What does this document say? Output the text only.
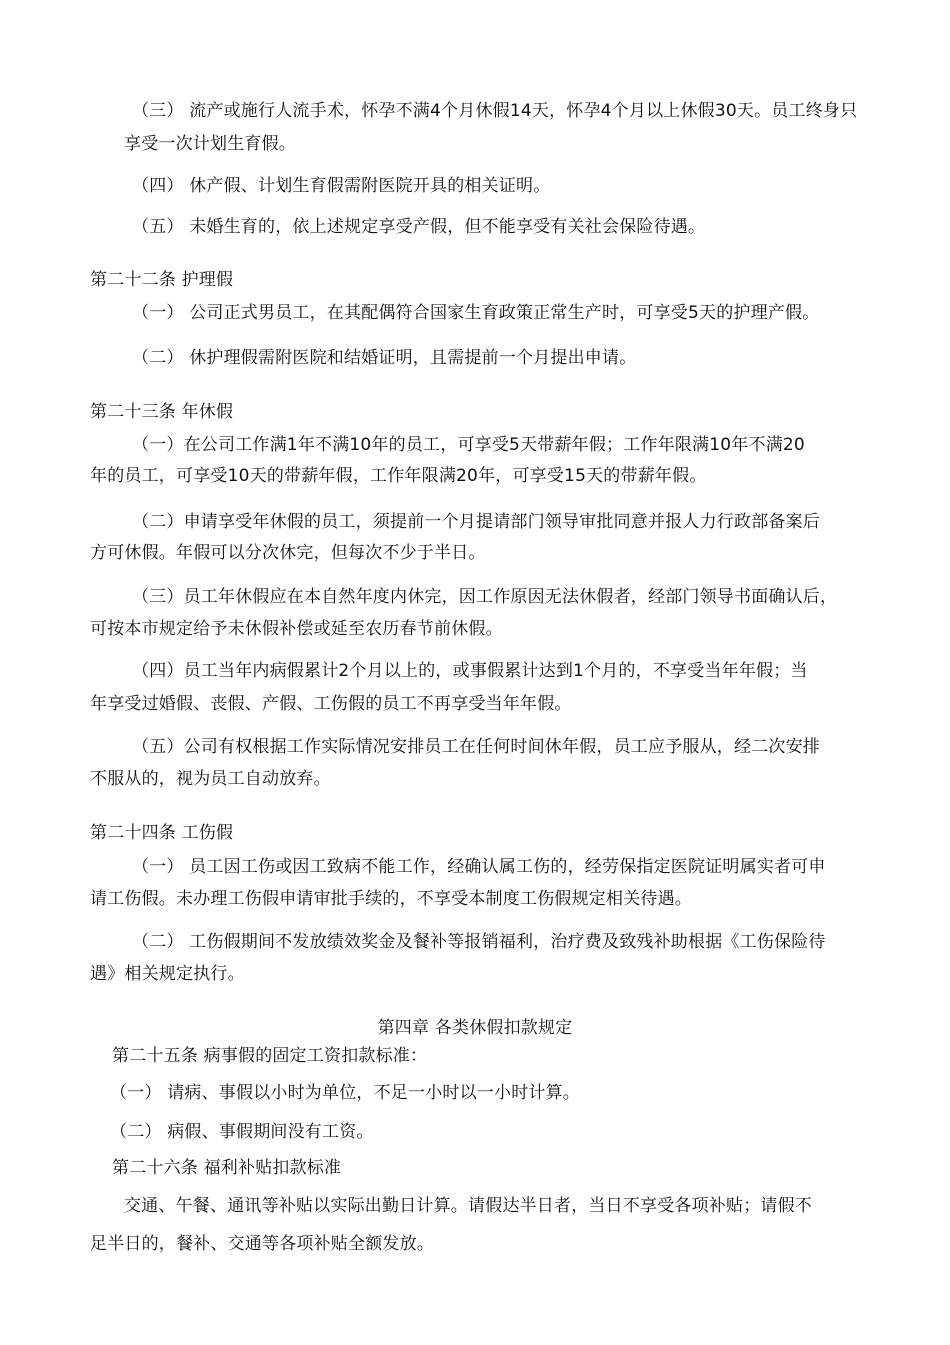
（三） 流产或施行人流手术，怀孕不满4个月休假14天，怀孕4个月以上休假30天。员工终身只
享受一次计划生育假。
（四） 休产假、计划生育假需附医院开具的相关证明。
（五） 未婚生育的，依上述规定享受产假，但不能享受有关社会保险待遇。
第二十二条 护理假
（一） 公司正式男员工，在其配偶符合国家生育政策正常生产时，可享受5天的护理产假。
（二） 休护理假需附医院和结婚证明，且需提前一个月提出申请。
第二十三条 年休假
（一）在公司工作满1年不满10年的员工，可享受5天带薪年假；工作年限满10年不满20
年的员工，可享受10天的带薪年假，工作年限满20年，可享受15天的带薪年假。
（二）申请享受年休假的员工，须提前一个月提请部门领导审批同意并报人力行政部备案后
方可休假。年假可以分次休完，但每次不少于半日。
（三）员工年休假应在本自然年度内休完，因工作原因无法休假者，经部门领导书面确认后，
可按本市规定给予未休假补偿或延至农历春节前休假。
（四）员工当年内病假累计2个月以上的，或事假累计达到1个月的，不享受当年年假；当
年享受过婚假、丧假、产假、工伤假的员工不再享受当年年假。
（五）公司有权根据工作实际情况安排员工在任何时间休年假，员工应予服从，经二次安排
不服从的，视为员工自动放弃。
第二十四条 工伤假
（一） 员工因工伤或因工致病不能工作，经确认属工伤的，经劳保指定医院证明属实者可申
请工伤假。未办理工伤假申请审批手续的，不享受本制度工伤假规定相关待遇。
（二） 工伤假期间不发放绩效奖金及餐补等报销福利，治疗费及致残补助根据《工伤保险待
遇》相关规定执行。
第四章 各类休假扣款规定
第二十五条 病事假的固定工资扣款标准：
（一） 请病、事假以小时为单位，不足一小时以一小时计算。
（二） 病假、事假期间没有工资。
第二十六条 福利补贴扣款标准
交通、午餐、通讯等补贴以实际出勤日计算。请假达半日者，当日不享受各项补贴；请假不
足半日的，餐补、交通等各项补贴全额发放。
